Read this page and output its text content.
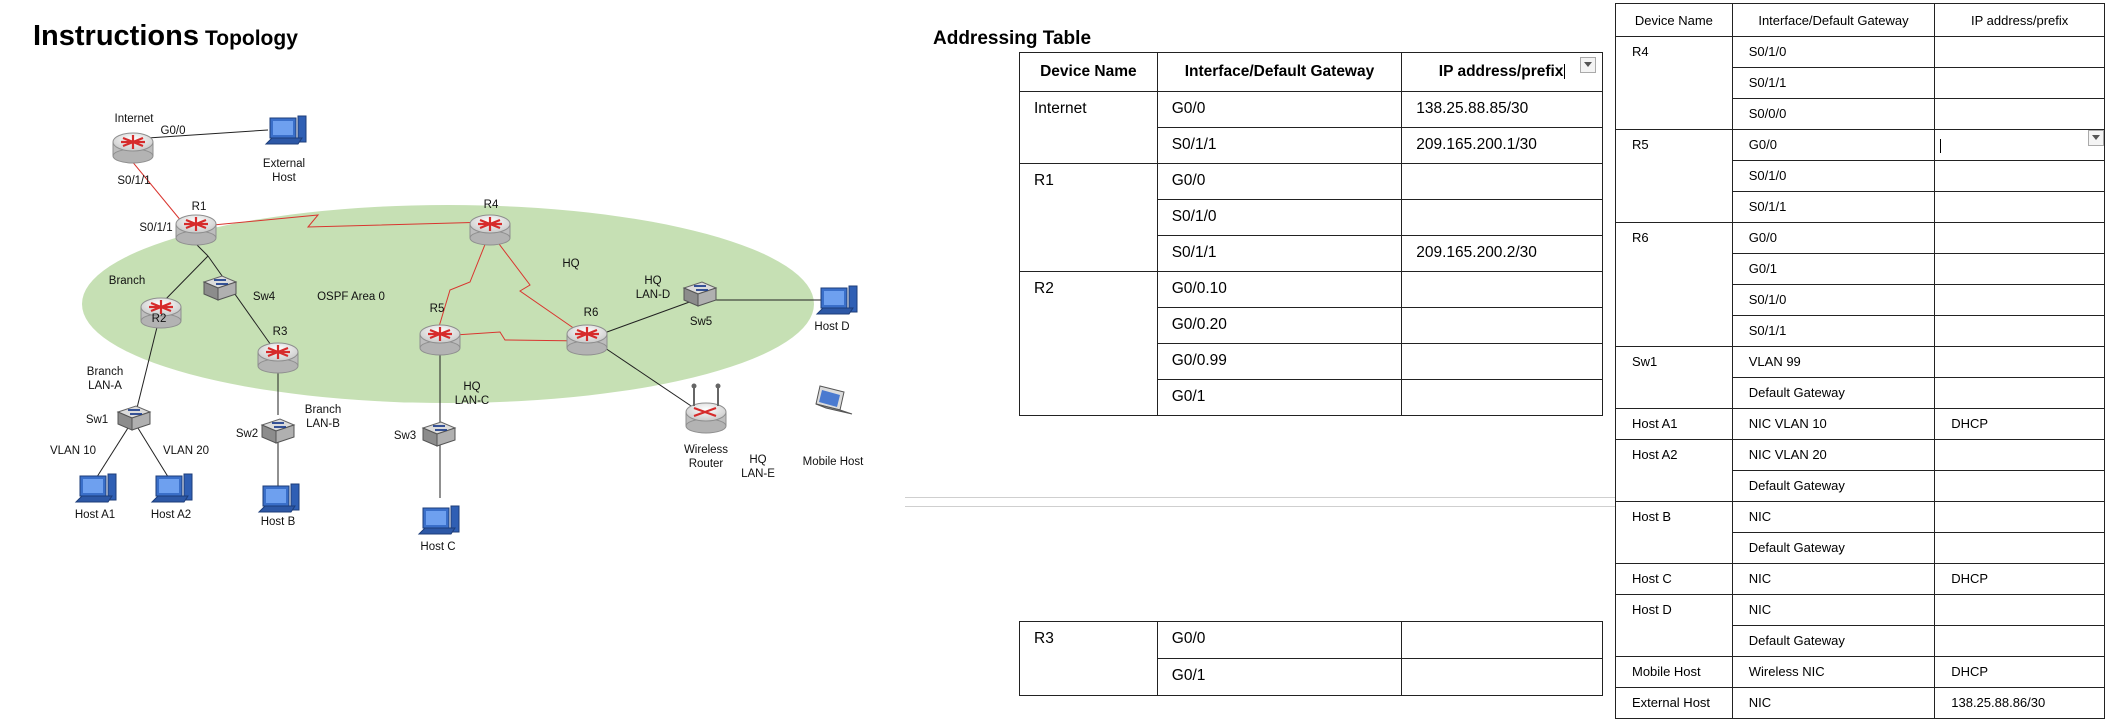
Instructions Topology
Internet
G0/0
External
Host
S0/1/1
R1
S0/1/1
R4
HQ
Branch
Sw4	OSPF Area 0
HQ
LAN-D
R5	R6
R2
R3
Sw5	Host D
Branch
LAN-A	HQ
LAN-C
Branch
LAN-B
Sw1
Sw2	Sw3
VLAN 10	VLAN 20	Wireless
Router HQ
LAN-E
Mobile Host
Host A1	Host A2
Host B
Host C
Addressing Table
Device Name	Interface/Default Gateway	IP address/prefix

Internet	G0/0	138.25.88.85/30
	S0/1/1	209.165.200.1/30
R1	G0/0	
	S0/1/0	
	S0/1/1	209.165.200.2/30
R2	G0/0.10	
	G0/0.20	
	G0/0.99	
	G0/1	
R3	G0/0	
	G0/1	
Device Name	Interface/Default Gateway	IP address/prefix
R4	S0/1/0	
	S0/1/1	
	S0/0/0	
R5	G0/0	
	S0/1/0	
	S0/1/1	
R6	G0/0	
	G0/1	
	S0/1/0	
	S0/1/1	
Sw1	VLAN 99	
	Default Gateway	
Host A1	NIC VLAN 10	DHCP
Host A2	NIC VLAN 20	
	Default Gateway	
Host B	NIC	
	Default Gateway	
Host C	NIC	DHCP
Host D	NIC	
	Default Gateway	
Mobile Host	Wireless NIC	DHCP
External Host	NIC	138.25.88.86/30
